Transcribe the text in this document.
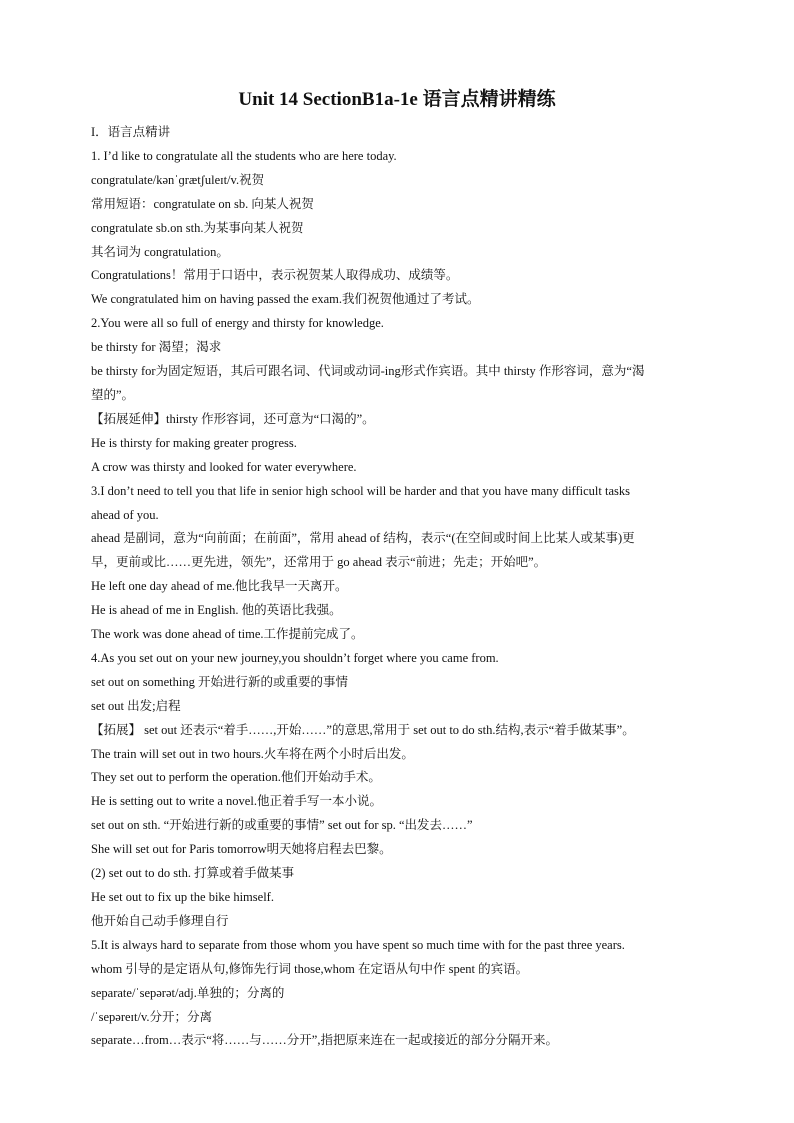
Unit 14 SectionB1a-1e 语言点精讲精练
I．语言点精讲
1. I’d like to congratulate all the students who are here today.
congratulate/kənˈɡrætʃuleɪt/v.祝贺
常用短语：congratulate on sb. 向某人祝贺
congratulate sb.on sth.为某事向某人祝贺
其名词为 congratulation。
Congratulations！常用于口语中，表示祝贺某人取得成功、成绩等。
We congratulated him on having passed the exam.我们祝贺他通过了考试。
2.You were all so full of energy and thirsty for knowledge.
be thirsty for 渴望；渴求
be thirsty for为固定短语，其后可跟名词、代词或动词-ing形式作宾语。其中 thirsty 作形容词，意为“渴
望的”。
【拓展延伸】thirsty 作形容词，还可意为“口渴的”。
He is thirsty for making greater progress.
A crow was thirsty and looked for water everywhere.
3.I don’t need to tell you that life in senior high school will be harder and that you have many difficult tasks
ahead of you.
ahead 是副词，意为“向前面；在前面”，常用 ahead of 结构，表示“(在空间或时间上比某人或某事)更
早，更前或比……更先进，领先”，还常用于 go ahead 表示“前进；先走；开始吧”。
He left one day ahead of me.他比我早一天离开。
He is ahead of me in English. 他的英语比我强。
The work was done ahead of time.工作提前完成了。
4.As you set out on your new journey,you shouldn’t forget where you came from.
set out on something 开始进行新的或重要的事情
set out 出发;启程
【拓展】 set out 还表示“着手……,开始……”的意思,常用于 set out to do sth.结构,表示“着手做某事”。
The train will set out in two hours.火车将在两个小时后出发。
They set out to perform the operation.他们开始动手术。
He is setting out to write a novel.他正着手写一本小说。
set out on sth. “开始进行新的或重要的事情” set out for sp. “出发去……”
She will set out for Paris tomorrow明天她将启程去巴黎。
(2) set out to do sth. 打算或着手做某事
He set out to fix up the bike himself.
他开始自己动手修理自行
5.It is always hard to separate from those whom you have spent so much time with for the past three years.
whom 引导的是定语从句,修饰先行词 those,whom 在定语从句中作 spent 的宾语。
separate/ˈsepərət/adj.单独的；分离的
/ˈsepəreɪt/v.分开；分离
separate…from…表示“将……与……分开”,指把原来连在一起或接近的部分分隔开来。
